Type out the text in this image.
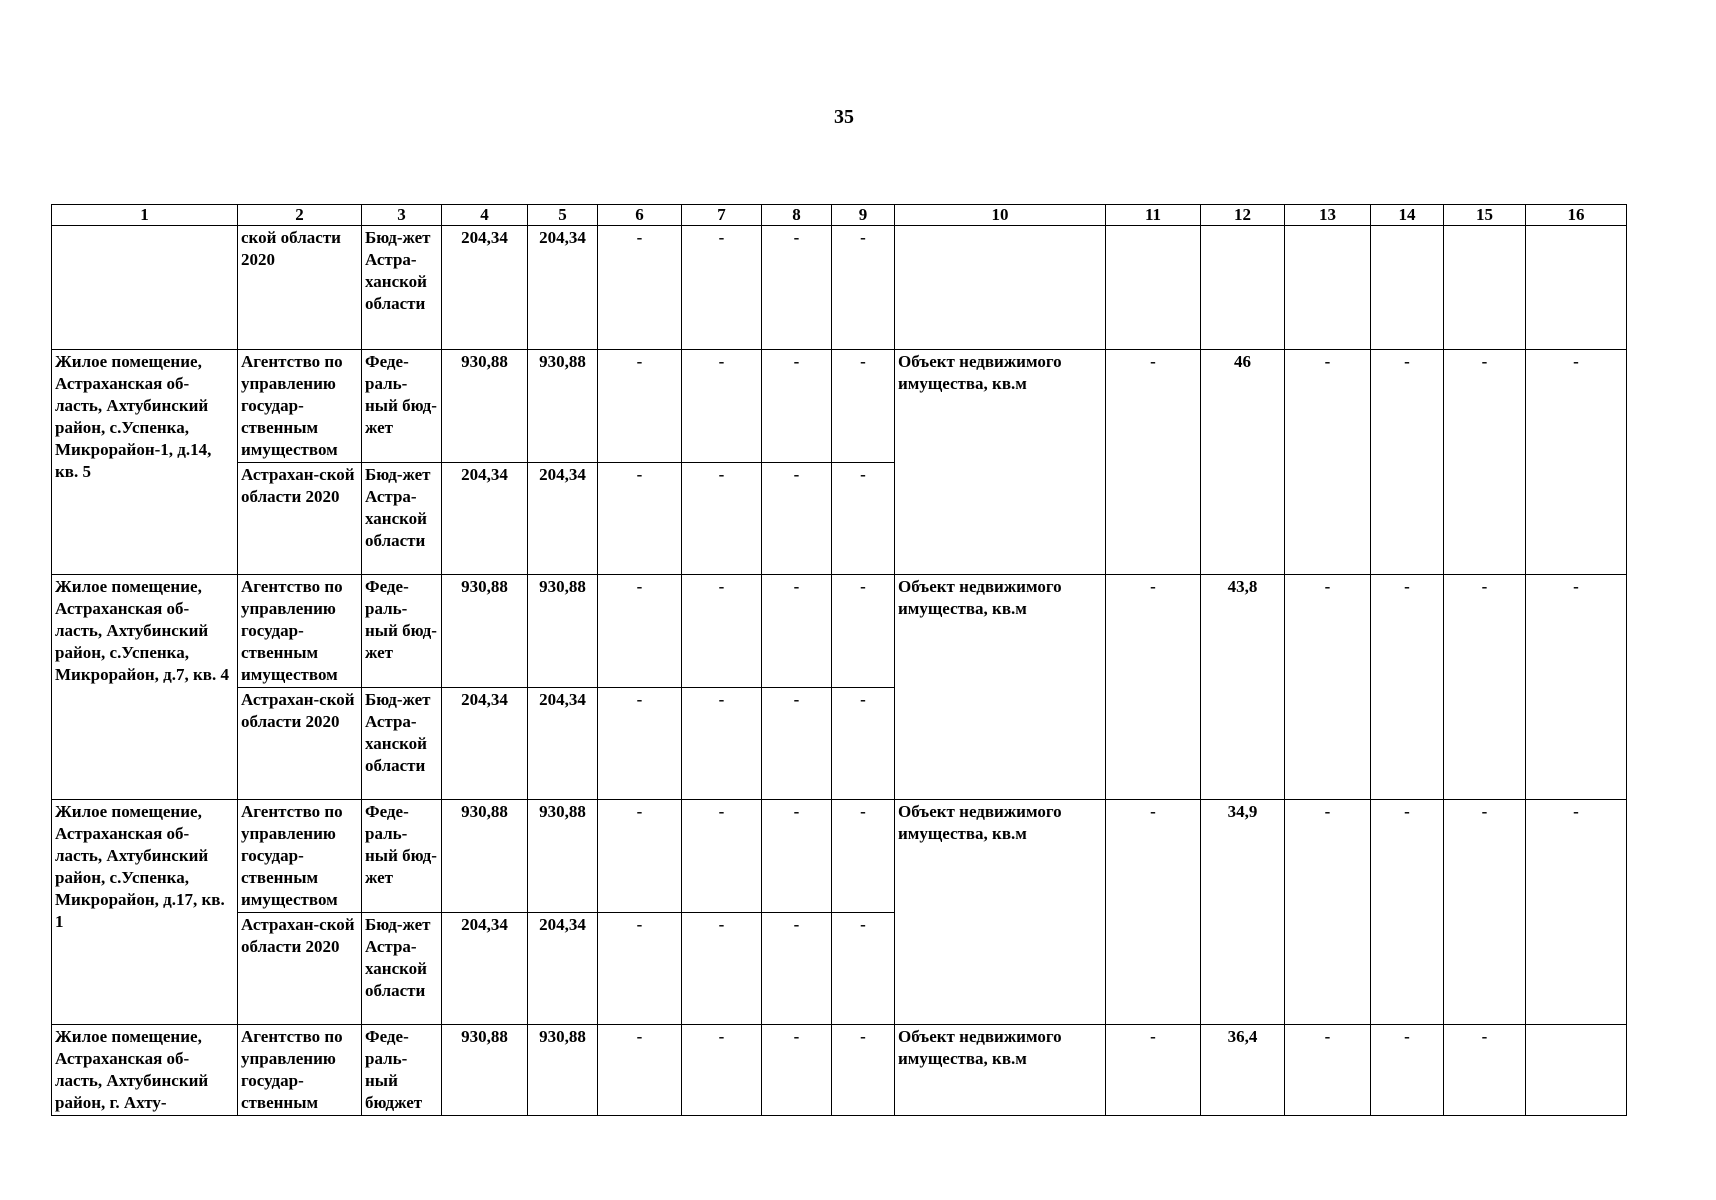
35
1	2	3	4	5	6	7	8	9	10	11	12	13	14	15	16
	ской области 2020	Бюд-жет Астра-ханской области	204,34	204,34	-	-	-	-							
Жилое помещение, Астраханская об-ласть, Ахтубинский район, с.Успенка, Микрорайон-1, д.14, кв. 5	Агентство по управлению государ-ственным имуществом	Феде-раль-ный бюд-жет	930,88	930,88	-	-	-	-	Объект недвижимого имущества, кв.м	-	46	-	-	-	-
	Астрахан-ской области 2020	Бюд-жет Астра-ханской области	204,34	204,34	-	-	-	-							
Жилое помещение, Астраханская об-ласть, Ахтубинский район, с.Успенка, Микрорайон, д.7, кв. 4	Агентство по управлению государ-ственным имуществом	Феде-раль-ный бюд-жет	930,88	930,88	-	-	-	-	Объект недвижимого имущества, кв.м	-	43,8	-	-	-	-
	Астрахан-ской области 2020	Бюд-жет Астра-ханской области	204,34	204,34	-	-	-	-							
Жилое помещение, Астраханская об-ласть, Ахтубинский район, с.Успенка, Микрорайон, д.17, кв. 1	Агентство по управлению государ-ственным имуществом	Феде-раль-ный бюд-жет	930,88	930,88	-	-	-	-	Объект недвижимого имущества, кв.м	-	34,9	-	-	-	-
	Астрахан-ской области 2020	Бюд-жет Астра-ханской области	204,34	204,34	-	-	-	-							
Жилое помещение, Астраханская об-ласть, Ахтубинский район, г. Ахту-	Агентство по управлению государ-ственным	Феде-раль-ный бюджет	930,88	930,88	-	-	-	-	Объект недвижимого имущества, кв.м	-	36,4	-	-	-	
